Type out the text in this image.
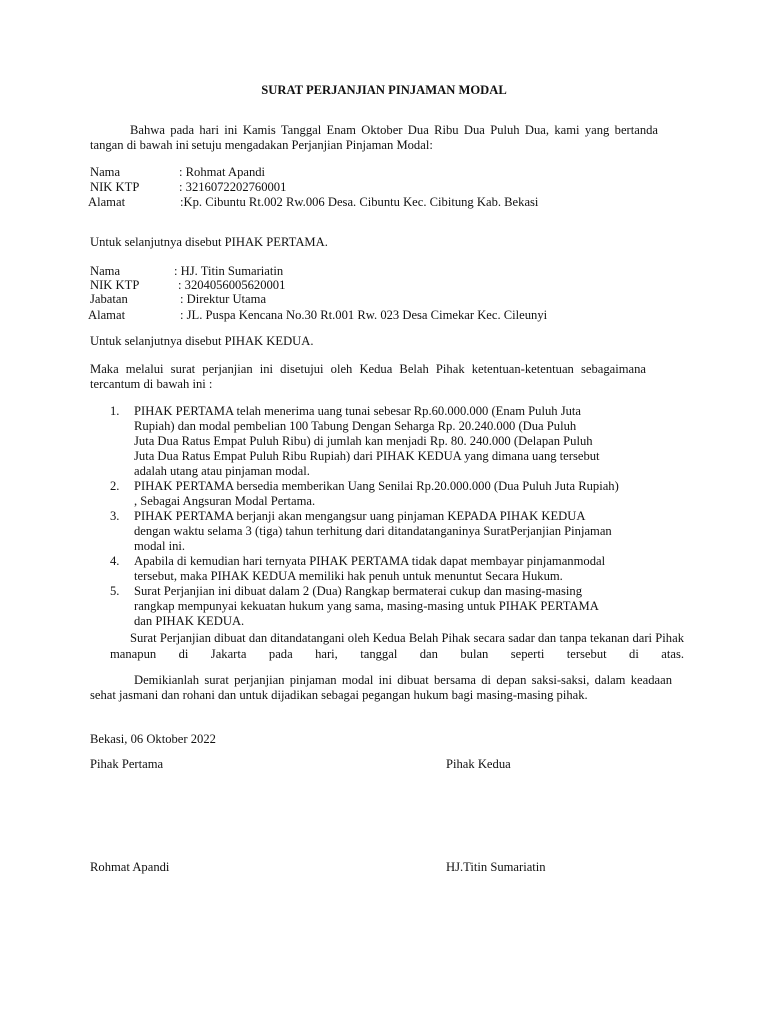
SURAT PERJANJIAN PINJAMAN MODAL
Bahwa pada hari ini Kamis Tanggal Enam Oktober Dua Ribu Dua Puluh Dua, kami yang bertanda tangan di bawah ini setuju mengadakan Perjanjian Pinjaman Modal:
Nama	: Rohmat Apandi
NIK KTP	: 3216072202760001
Alamat	:Kp. Cibuntu Rt.002 Rw.006 Desa. Cibuntu Kec. Cibitung Kab. Bekasi
Untuk selanjutnya disebut PIHAK PERTAMA.
Nama	: HJ. Titin Sumariatin
NIK KTP	: 3204056005620001
Jabatan	: Direktur Utama
Alamat	: JL. Puspa Kencana No.30 Rt.001 Rw. 023 Desa Cimekar Kec. Cileunyi
Untuk selanjutnya disebut PIHAK KEDUA.
Maka melalui surat perjanjian ini disetujui oleh Kedua Belah Pihak ketentuan-ketentuan sebagaimana tercantum di bawah ini :
1. PIHAK PERTAMA telah menerima uang tunai sebesar Rp.60.000.000 (Enam Puluh Juta
Rupiah) dan modal pembelian 100 Tabung Dengan Seharga Rp. 20.240.000 (Dua Puluh
Juta Dua Ratus Empat Puluh Ribu) di jumlah kan menjadi Rp. 80. 240.000 (Delapan Puluh
Juta Dua Ratus Empat Puluh Ribu Rupiah) dari PIHAK KEDUA yang dimana uang tersebut
adalah utang atau pinjaman modal.
2. PIHAK PERTAMA bersedia memberikan Uang Senilai Rp.20.000.000 (Dua Puluh Juta Rupiah)
, Sebagai Angsuran Modal Pertama.
3. PIHAK PERTAMA berjanji akan mengangsur uang pinjaman KEPADA PIHAK KEDUA
dengan waktu selama 3 (tiga) tahun terhitung dari ditandatanganinya SuratPerjanjian Pinjaman
modal ini.
4. Apabila di kemudian hari ternyata PIHAK PERTAMA tidak dapat membayar pinjamanmodal
tersebut, maka PIHAK KEDUA memiliki hak penuh untuk menuntut Secara Hukum.
5. Surat Perjanjian ini dibuat dalam 2 (Dua) Rangkap bermaterai cukup dan masing-masing
rangkap mempunyai kekuatan hukum yang sama, masing-masing untuk PIHAK PERTAMA
dan PIHAK KEDUA.
Surat Perjanjian dibuat dan ditandatangani oleh Kedua Belah Pihak secara sadar dan tanpa tekanan dari Pihak manapun di Jakarta pada hari, tanggal dan bulan seperti tersebut di atas.
Demikianlah surat perjanjian pinjaman modal ini dibuat bersama di depan saksi-saksi, dalam keadaan sehat jasmani dan rohani dan untuk dijadikan sebagai pegangan hukum bagi masing-masing pihak.
Bekasi, 06 Oktober 2022
Pihak Pertama	Pihak Kedua
Rohmat Apandi	HJ.Titin Sumariatin
